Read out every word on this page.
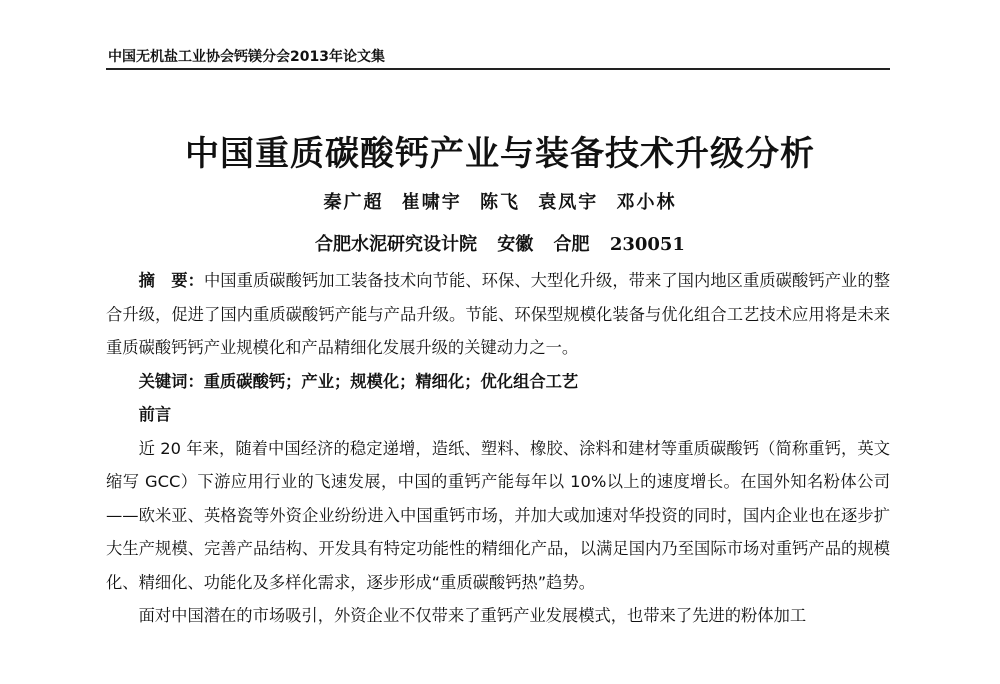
中国无机盐工业协会钙镁分会2013年论文集
中国重质碳酸钙产业与装备技术升级分析
秦广超 崔啸宇 陈飞 袁凤宇 邓小林
合肥水泥研究设计院 安徽 合肥 230051

摘　要：中国重质碳酸钙加工装备技术向节能、环保、大型化升级，带来了国内地区重质碳酸钙产业的整合升级，促进了国内重质碳酸钙产能与产品升级。节能、环保型规模化装备与优化组合工艺技术应用将是未来重质碳酸钙钙产业规模化和产品精细化发展升级的关键动力之一。

关键词：重质碳酸钙；产业；规模化；精细化；优化组合工艺

前言

近 20 年来，随着中国经济的稳定递增，造纸、塑料、橡胶、涂料和建材等重质碳酸钙（简称重钙，英文缩写 GCC）下游应用行业的飞速发展，中国的重钙产能每年以 10%以上的速度增长。在国外知名粉体公司——欧米亚、英格瓷等外资企业纷纷进入中国重钙市场，并加大或加速对华投资的同时，国内企业也在逐步扩大生产规模、完善产品结构、开发具有特定功能性的精细化产品，以满足国内乃至国际市场对重钙产品的规模化、精细化、功能化及多样化需求，逐步形成“重质碳酸钙热”趋势。

面对中国潜在的市场吸引，外资企业不仅带来了重钙产业发展模式，也带来了先进的粉体加工
